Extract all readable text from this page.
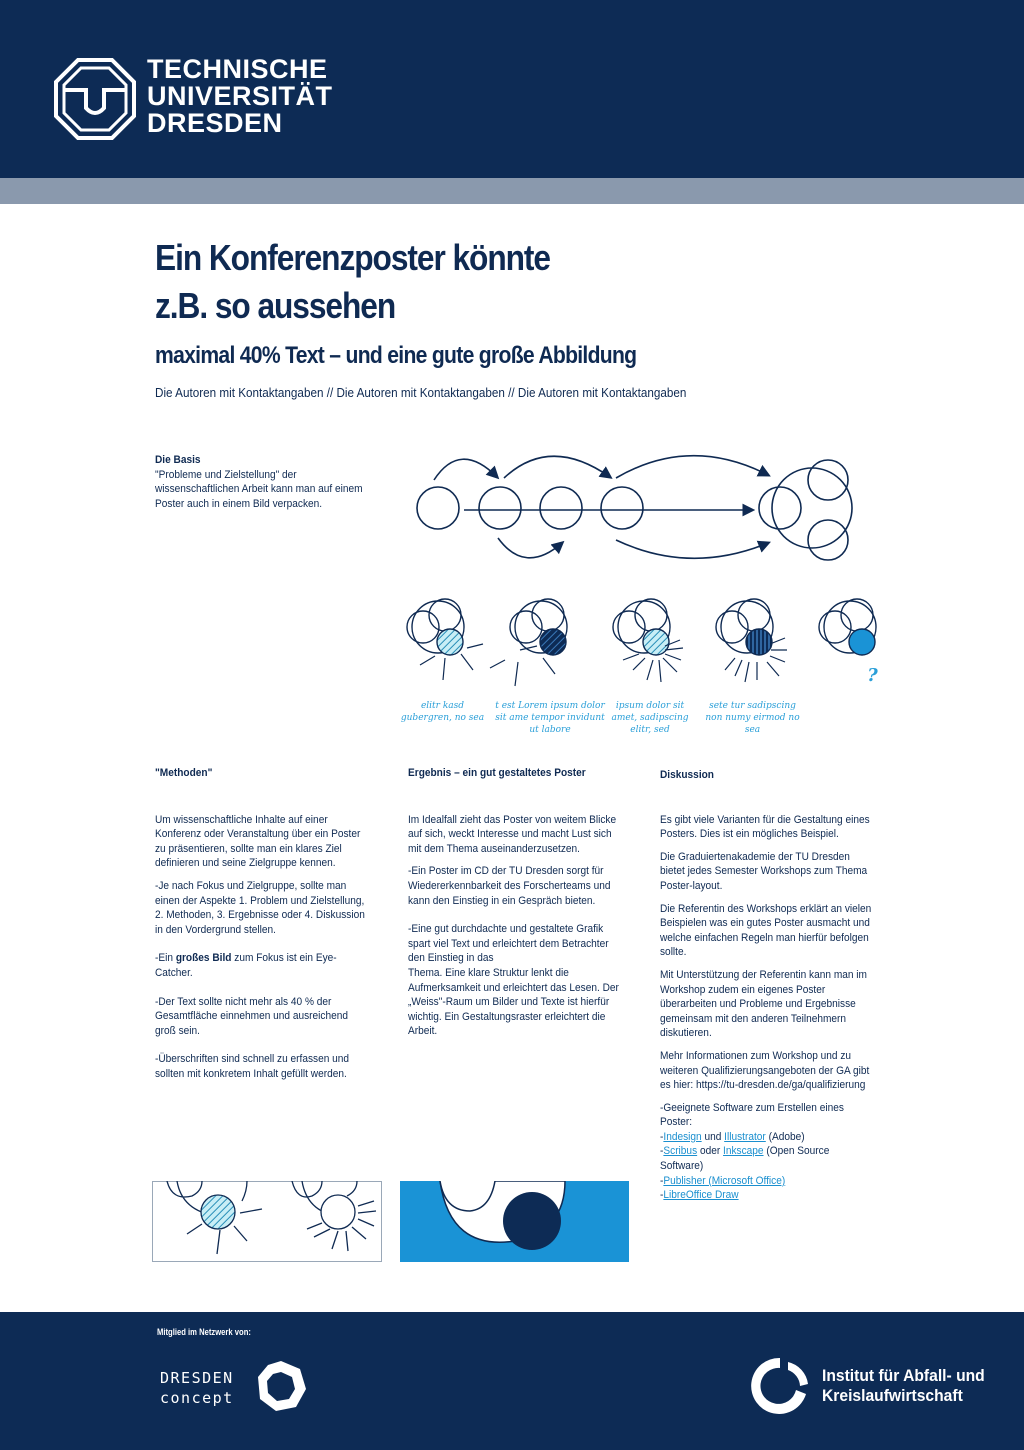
TECHNISCHE
UNIVERSITÄT
DRESDEN
Ein Konferenzposter könnte
z.B. so aussehen
maximal 40% Text – und eine gute große Abbildung
Die Autoren mit Kontaktangaben // Die Autoren mit Kontaktangaben // Die Autoren mit Kontaktangaben
Die Basis
"Probleme und Zielstellung" der wissenschaftlichen Arbeit kann man auf einem Poster auch in einem Bild verpacken.
elitr kasd gubergren, no sea
t est Lorem ipsum dolor sit ame tempor invidunt ut labore
ipsum dolor sit amet, sadipscing elitr, sed
sete tur sadipscing non numy eirmod no sea
?
"Methoden"

Um wissenschaftliche Inhalte auf einer Konferenz oder Veranstaltung über ein Poster zu präsentieren, sollte man ein klares Ziel definieren und seine Zielgruppe kennen.

-Je nach Fokus und Zielgruppe, sollte man einen der Aspekte 1. Problem und Zielstellung, 2. Methoden, 3. Ergebnisse oder 4. Diskussion in den Vordergrund stellen.

-Ein großes Bild zum Fokus ist ein Eye-Catcher.

-Der Text sollte nicht mehr als 40 % der Gesamtfläche einnehmen und ausreichend groß sein.

-Überschriften sind schnell zu erfassen und sollten mit konkretem Inhalt gefüllt werden.

Ergebnis – ein gut gestaltetes Poster

Im Idealfall zieht das Poster von weitem Blicke auf sich, weckt Interesse und macht Lust sich mit dem Thema auseinanderzusetzen.

-Ein Poster im CD der TU Dresden sorgt für Wiedererkennbarkeit des Forscherteams und kann den Einstieg in ein Gespräch bieten.

-Eine gut durchdachte und gestaltete Grafik spart viel Text und erleichtert dem Betrachter den Einstieg in das

Thema. Eine klare Struktur lenkt die Aufmerksamkeit und erleichtert das Lesen. Der „Weiss"-Raum um Bilder und Texte ist hierfür wichtig. Ein Gestaltungsraster erleichtert die Arbeit.

Diskussion

Es gibt viele Varianten für die Gestaltung eines Posters. Dies ist ein mögliches Beispiel.

Die Graduiertenakademie der TU Dresden bietet jedes Semester Workshops zum Thema Poster-layout.

Die Referentin des Workshops erklärt an vielen Beispielen was ein gutes Poster ausmacht und welche einfachen Regeln man hierfür befolgen sollte.

Mit Unterstützung der Referentin kann man im Workshop zudem ein eigenes Poster überarbeiten und Probleme und Ergebnisse gemeinsam mit den anderen Teilnehmern diskutieren.

Mehr Informationen zum Workshop und zu weiteren Qualifizierungsangeboten der GA gibt es hier: https://tu-dresden.de/ga/qualifizierung

-Geeignete Software zum Erstellen eines Poster:
-Indesign und Illustrator (Adobe)
-Scribus oder Inkscape (Open Source Software)
-Publisher (Microsoft Office)
-LibreOffice Draw
Mitglied im Netzwerk von:
DRESDEN
concept
Institut für Abfall- und
Kreislaufwirtschaft
